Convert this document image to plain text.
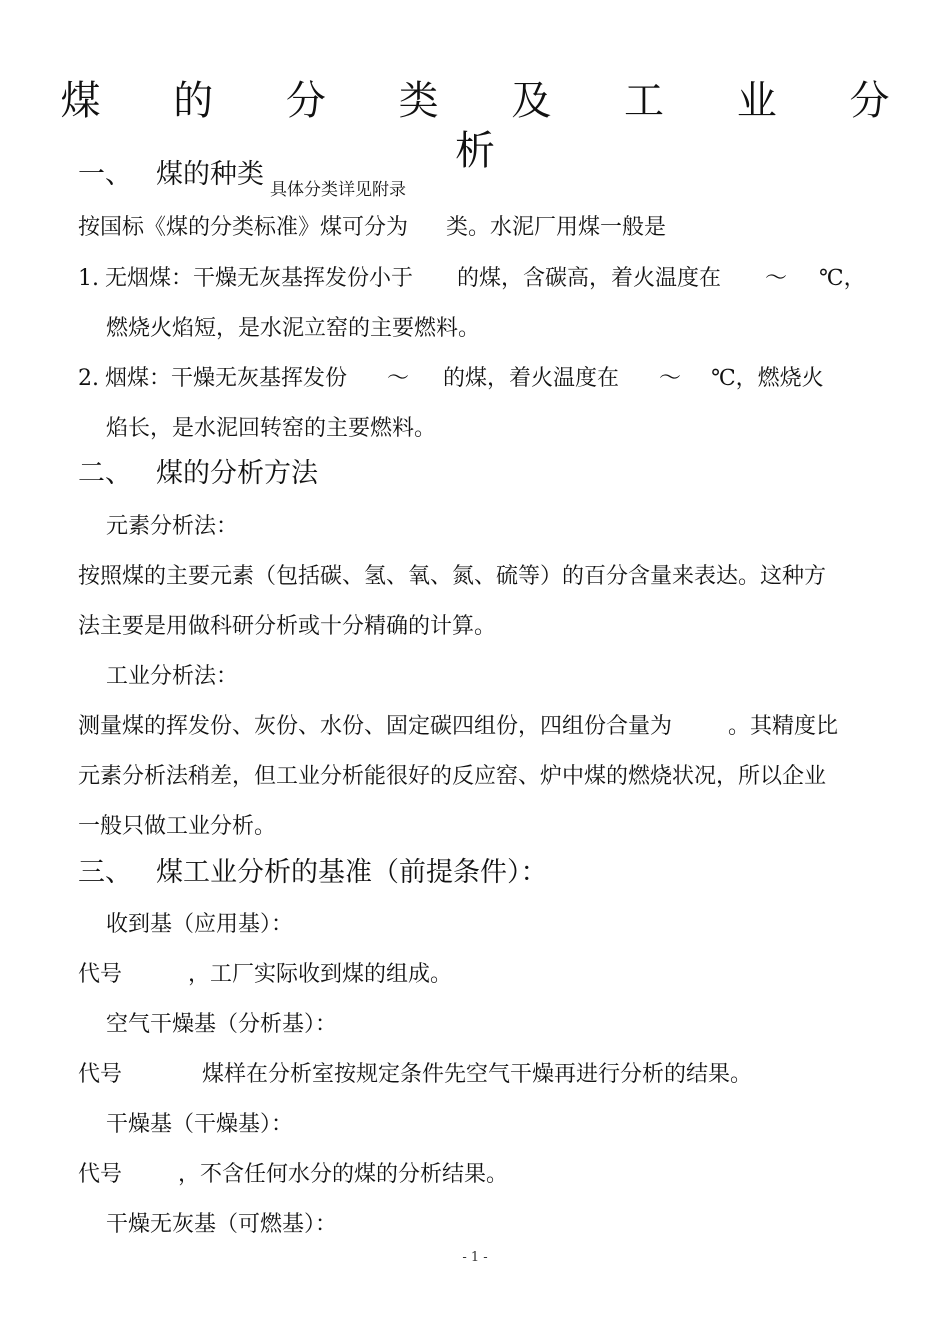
煤 的 分 类 及 工 业 分 析
一、 煤的种类 $_{具体分类详见附录}$
按国标《煤的分类标准》煤可分为 类。水泥厂用煤一般是
1. 无烟煤：干燥无灰基挥发份小于 的煤，含碳高，着火温度在 ～ ℃，
燃烧火焰短，是水泥立窑的主要燃料。
2. 烟煤：干燥无灰基挥发份 ～ 的煤，着火温度在 ～ ℃，燃烧火
焰长，是水泥回转窑的主要燃料。
二、 煤的分析方法
元素分析法：
按照煤的主要元素（包括碳、氢、氧、氮、硫等）的百分含量来表达。这种方
法主要是用做科研分析或十分精确的计算。
工业分析法：
测量煤的挥发份、灰份、水份、固定碳四组份，四组份合量为	。其精度比
元素分析法稍差，但工业分析能很好的反应窑、炉中煤的燃烧状况，所以企业
一般只做工业分析。
三、 煤工业分析的基准（前提条件）：
收到基（应用基）：
代号	，工厂实际收到煤的组成。
空气干燥基（分析基）：
代号	煤样在分析室按规定条件先空气干燥再进行分析的结果。
干燥基（干燥基）：
代号	，不含任何水分的煤的分析结果。
干燥无灰基（可燃基）：
- 1 -
